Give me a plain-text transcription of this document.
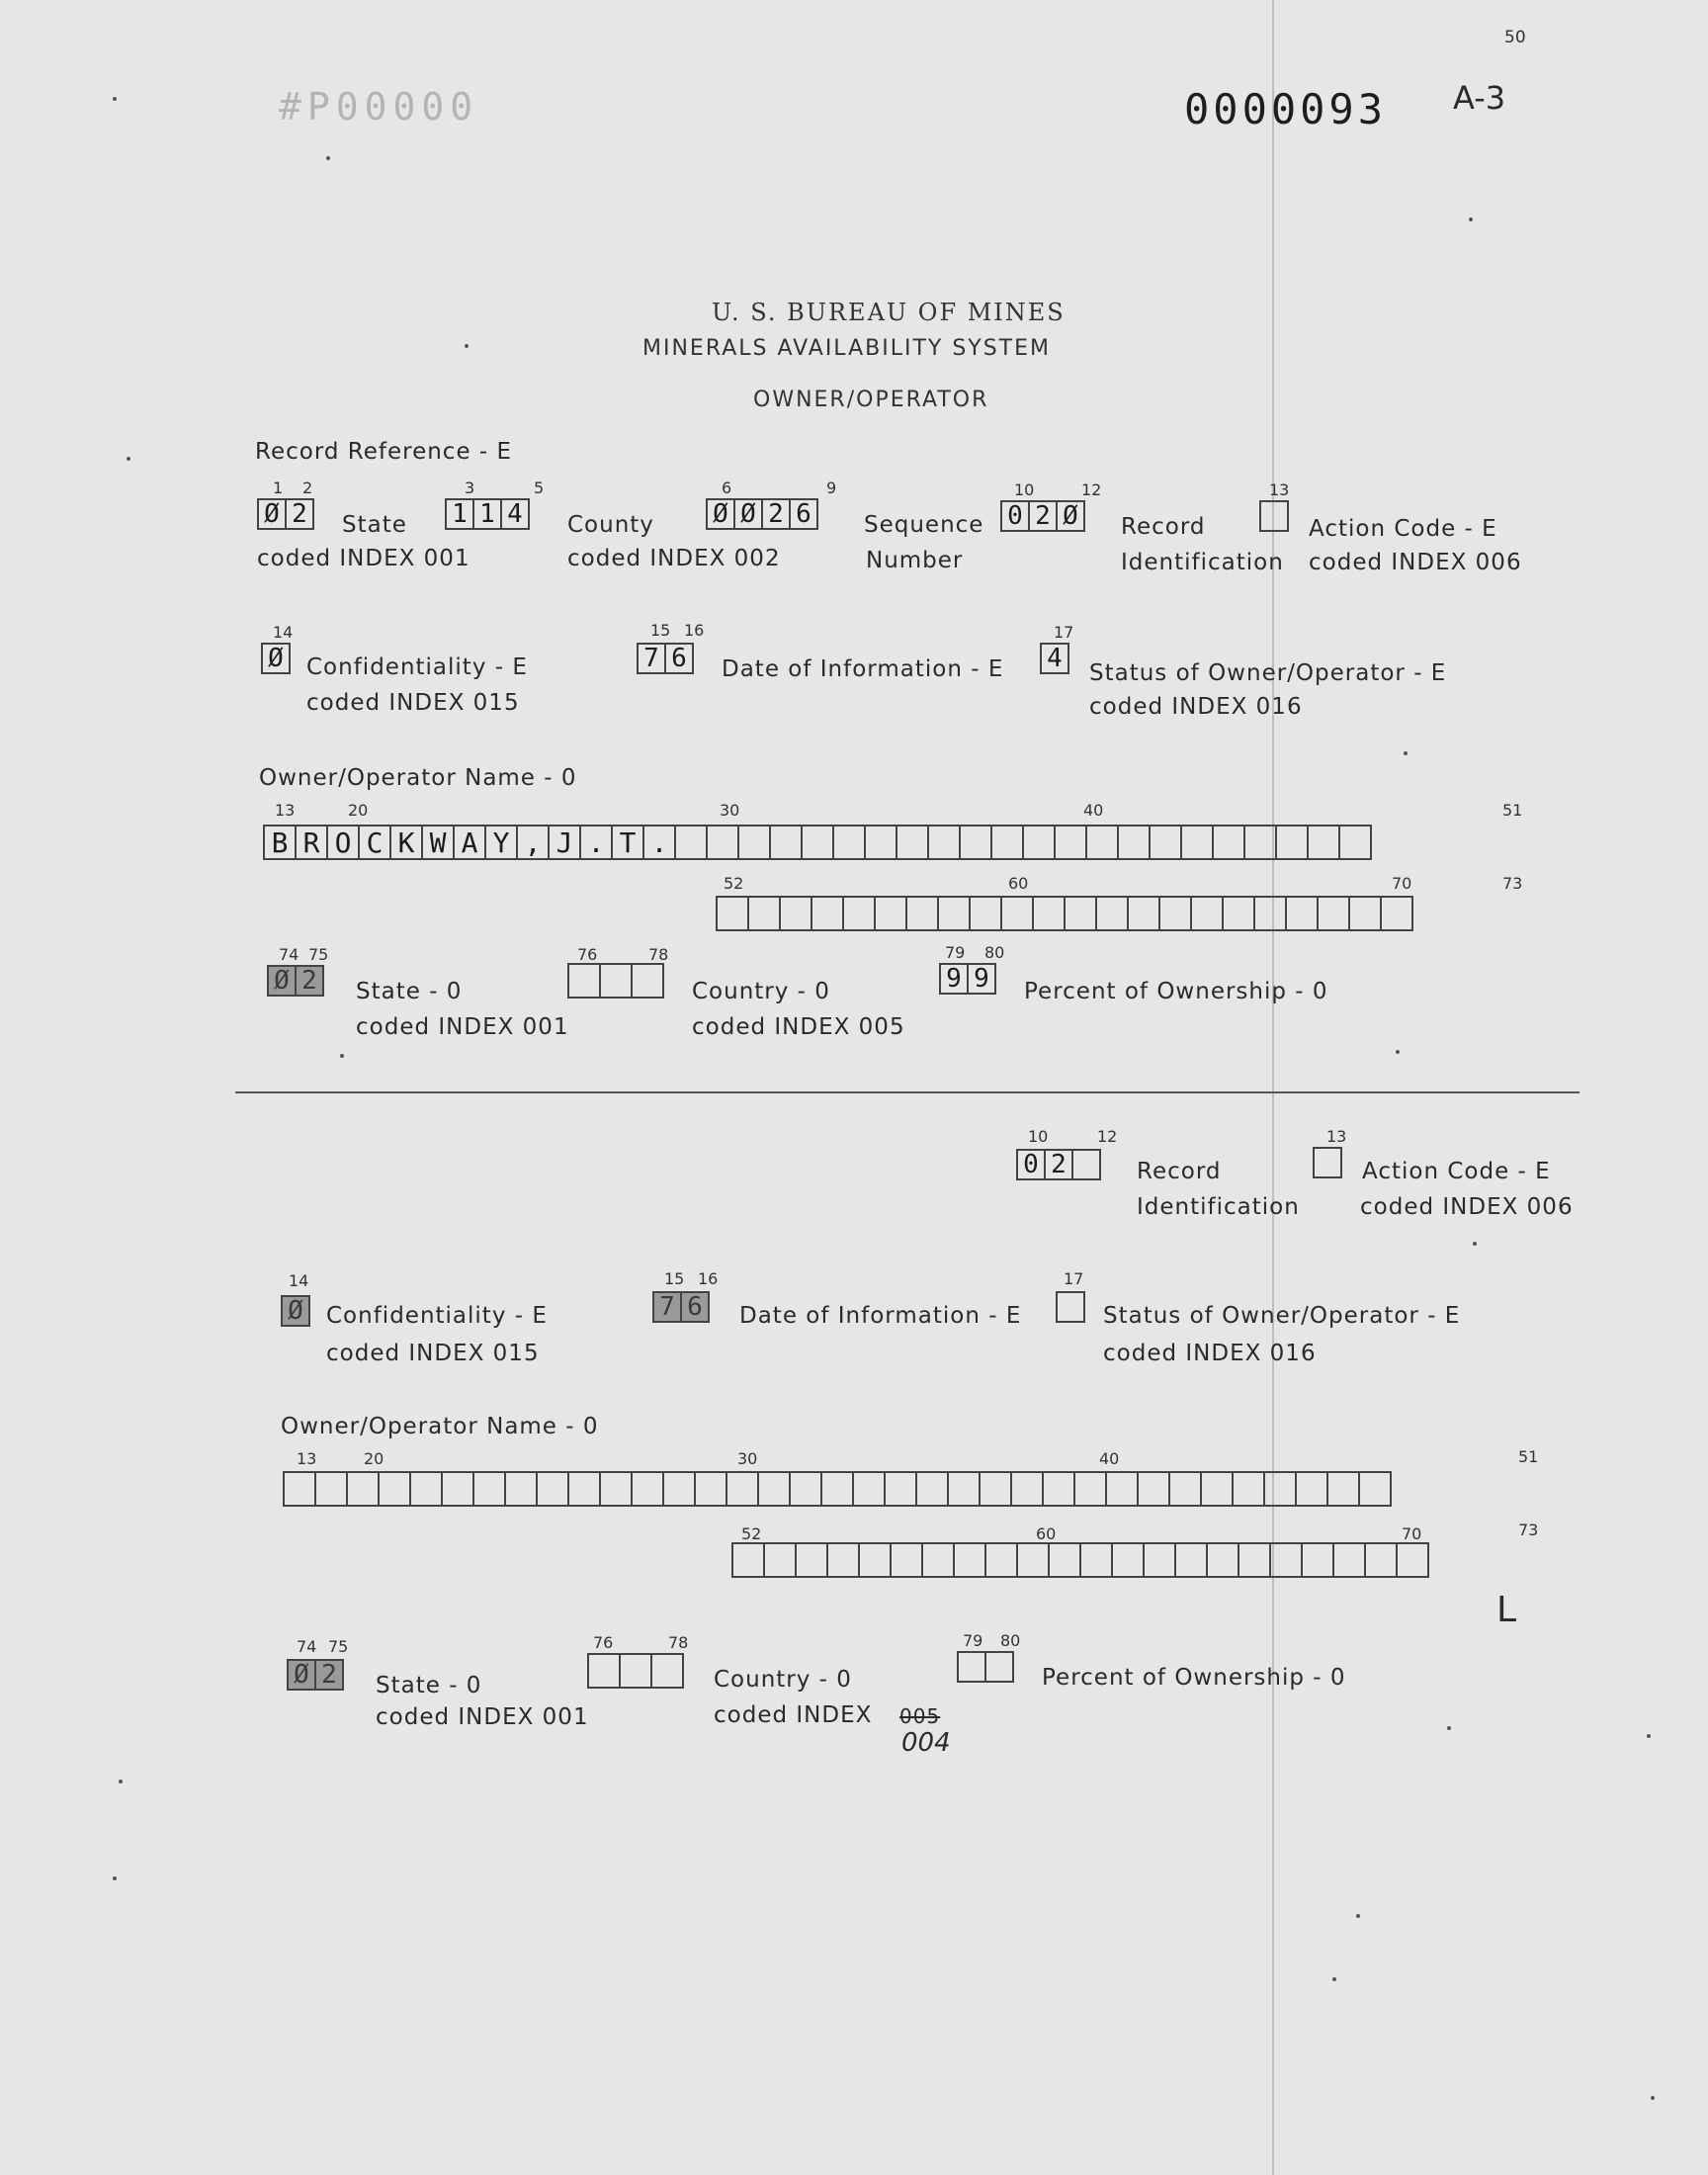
50
#P00000	0000093 A-3
U. S. BUREAU OF MINES
MINERALS AVAILABILITY SYSTEM
OWNER/OPERATOR
Record Reference - E
1 2
Ø 2	State
coded INDEX 001
3	5
1 1 4	County
coded INDEX 002
6	9
Ø Ø 2 6	Sequence
Number
10	12
0 2 Ø	Record
Identification
13
Action Code - E
coded INDEX 006
14
Ø	Confidentiality - E
coded INDEX 015
15 16
7 6	Date of Information - E
17
4	Status of Owner/Operator - E
coded INDEX 016
Owner/Operator Name - 0
13	20	30	40	51
B R O C K W A Y , J . T .
52	60	70	73
74 75
Ø 2	State - 0
coded INDEX 001
76	78
Country - 0
coded INDEX 005
79 80
9 9	Percent of Ownership - 0
10	12
0 2	Record
Identification
13
Action Code - E
coded INDEX 006
14
Ø	Confidentiality - E
coded INDEX 015
15 16
7 6	Date of Information - E
17
Status of Owner/Operator - E
coded INDEX 016
Owner/Operator Name - 0
13	20	30	40	51
52	60	70	73
L
74 75
Ø 2	State - 0
coded INDEX 001
76	78
Country - 0
coded INDEX 005
004
79 80
Percent of Ownership - 0
